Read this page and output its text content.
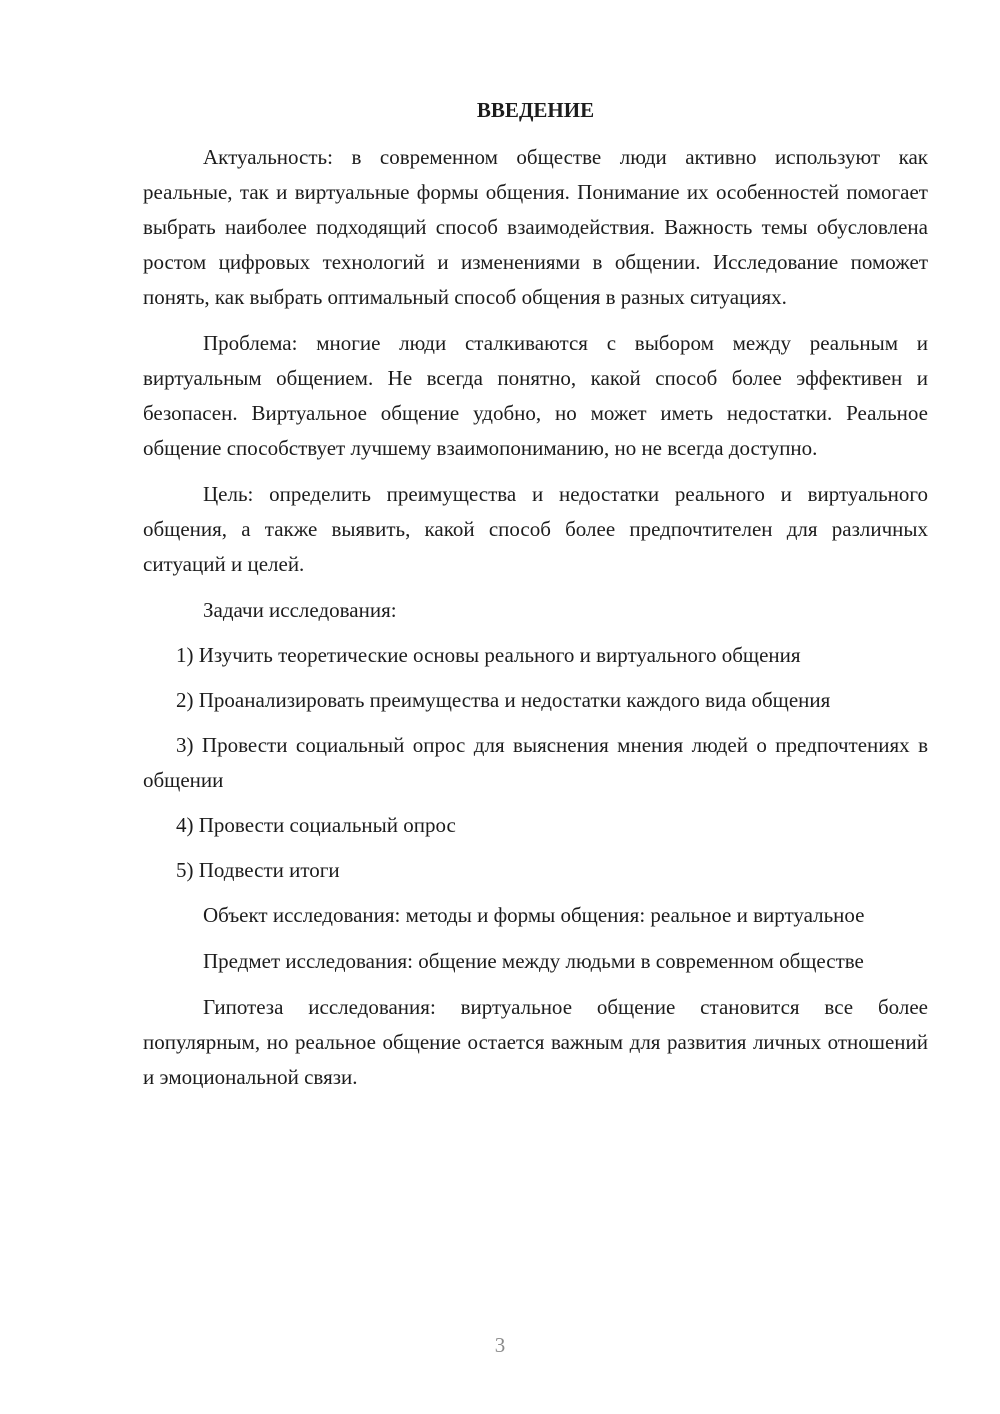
ВВЕДЕНИЕ

Актуальность: в современном обществе люди активно используют как реальные, так и виртуальные формы общения. Понимание их особенностей помогает выбрать наиболее подходящий способ взаимодействия. Важность темы обусловлена ростом цифровых технологий и изменениями в общении. Исследование поможет понять, как выбрать оптимальный способ общения в разных ситуациях.

Проблема: многие люди сталкиваются с выбором между реальным и виртуальным общением. Не всегда понятно, какой способ более эффективен и безопасен. Виртуальное общение удобно, но может иметь недостатки. Реальное общение способствует лучшему взаимопониманию, но не всегда доступно.

Цель: определить преимущества и недостатки реального и виртуального общения, а также выявить, какой способ более предпочтителен для различных ситуаций и целей.

Задачи исследования:

1) Изучить теоретические основы реального и виртуального общения

2) Проанализировать преимущества и недостатки каждого вида общения

3) Провести социальный опрос для выяснения мнения людей о предпочтениях в общении

4) Провести социальный опрос

5) Подвести итоги

Объект исследования: методы и формы общения: реальное и виртуальное

Предмет исследования: общение между людьми в современном обществе

Гипотеза исследования: виртуальное общение становится все более популярным, но реальное общение остается важным для развития личных отношений и эмоциональной связи.

3
